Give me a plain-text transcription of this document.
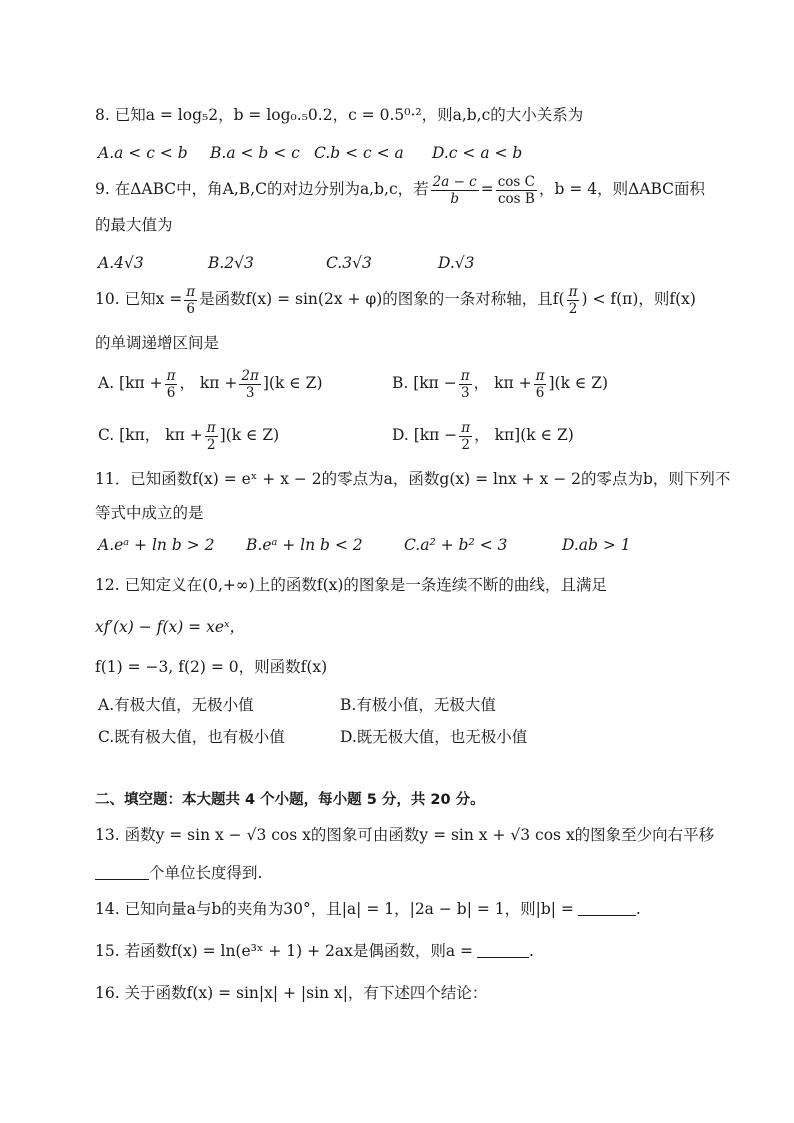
8. 已知a = log₅2，b = log₀.₅0.2，c = 0.5⁰·²，则a,b,c的大小关系为
A.a < c < b B.a < b < c C.b < c < a D.c < a < b
9. 在ΔABC中，角A,B,C的对边分别为a,b,c，若 $\frac{2a - c}{b} = \frac{\text{cos C}}{\text{cos B}}$ ，b = 4，则ΔABC面积
的最大值为
A.4√3	B.2√3	C.3√3	D.√3
10. 已知$x = \frac{\pi}{6}$ 是函数f(x) = sin(2x + φ)的图象的一条对称轴，且$f( \frac{\pi}{2}$ ) < f(π)，则f(x)
的单调递增区间是
A. [$k\pi + \frac{\pi}{6}$ ， $k\pi + \frac{2\pi}{3} ](k$ ∈ Z)	B. [$k\pi - \frac{\pi}{3}$ ， $k\pi + \frac{\pi}{6} ](k$ ∈ Z)
C. [kπ， $k\pi + \frac{\pi}{2} ](k$ ∈ Z)	D. [$k\pi - \frac{\pi}{2}$ ， kπ](k ∈ Z)
11．已知函数f(x) = eˣ + x − 2的零点为a，函数g(x) = lnx + x − 2的零点为b，则下列不
等式中成立的是
A.eᵃ + ln b > 2 B.eᵃ + ln b < 2	C.a² + b² < 3	D.ab > 1
12. 已知定义在(0,+∞)上的函数f(x)的图象是一条连续不断的曲线，且满足
xf′(x) − f(x) = xeˣ，
f(1) = −3, f(2) = 0，则函数f(x)
A.有极大值，无极小值	B.有极小值，无极大值
C.既有极大值，也有极小值	D.既无极大值，也无极小值
二、填空题：本大题共 4 个小题，每小题 5 分，共 20 分。
13. 函数y = sin x − √3 cos x的图象可由函数y = sin x + √3 cos x的图象至少向右平移
个单位长度得到.
14. 已知向量a与b的夹角为30°，且|a| = 1，|2a − b| = 1，则|b| =	.
15. 若函数f(x) = ln(e³ˣ + 1) + 2ax是偶函数，则a =	.
16. 关于函数f(x) = sin|x| + |sin x|，有下述四个结论：
